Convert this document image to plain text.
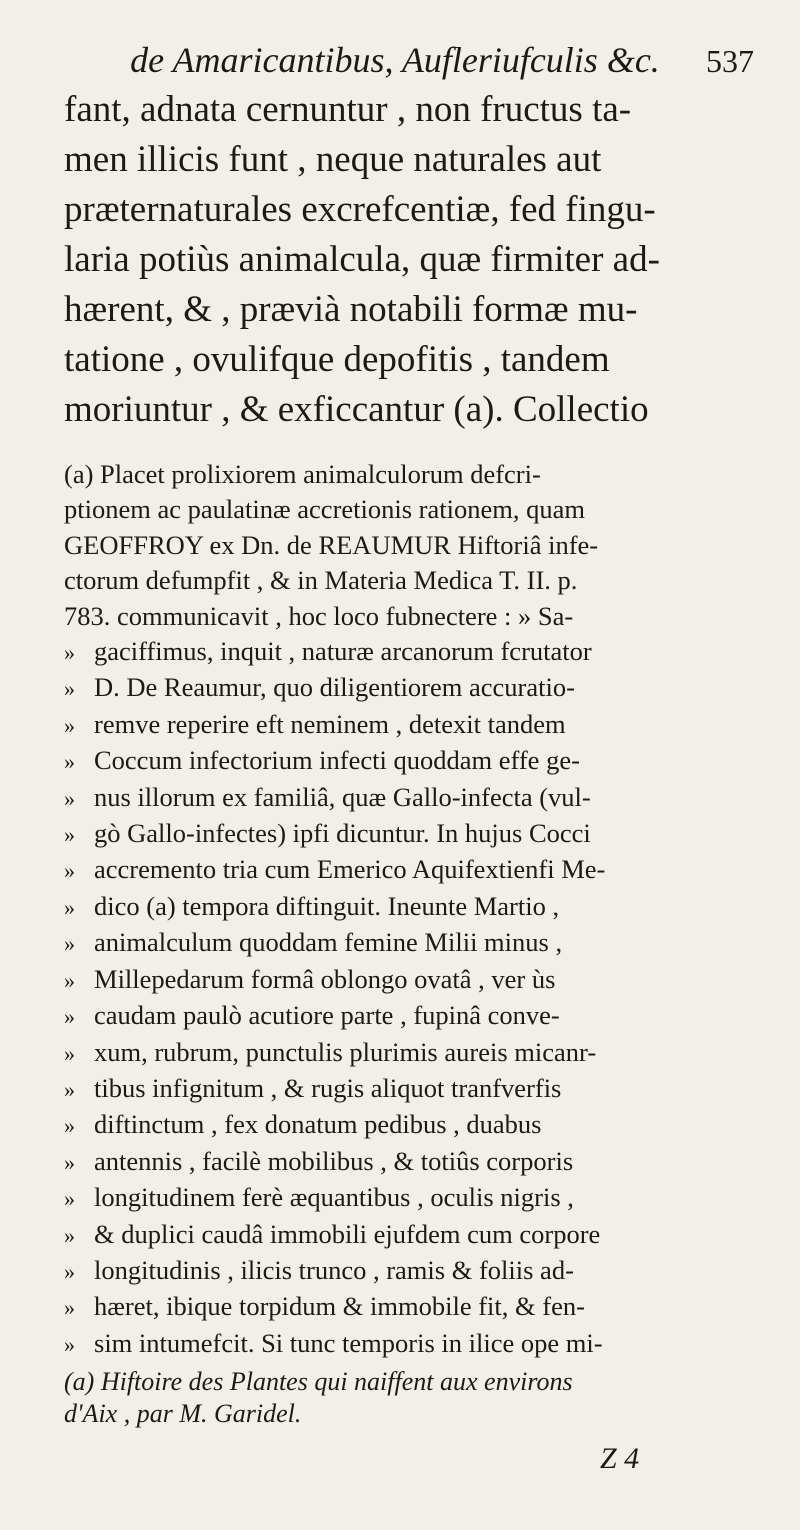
de Amaricantibus, Aufleriufculis &c.	537

fant, adnata cernuntur , non fructus ta-
men illicis funt , neque naturales aut
præternaturales excrefcentiæ, fed fingu-
laria potiùs animalcula, quæ firmiter ad-
hærent, & , prævià notabili formæ mu-
tatione , ovulifque depofitis , tandem
moriuntur , & exficcantur (a). Collectio

(a) Placet prolixiorem animalculorum defcri-
ptionem ac paulatinæ accretionis rationem, quam
GEOFFROY ex Dn. de REAUMUR Hiftoriâ infe-
ctorum defumpfit , & in Materia Medica T. II. p.
783. communicavit , hoc loco fubnectere : » Sa-
» gaciffimus, inquit , naturæ arcanorum fcrutator
» D. De Reaumur, quo diligentiorem accuratio-
» remve reperire eft neminem , detexit tandem
» Coccum infectorium infecti quoddam effe ge-
» nus illorum ex familiâ, quæ Gallo-infecta (vul-
» gò Gallo-infectes) ipfi dicuntur. In hujus Cocci
» accremento tria cum Emerico Aquifextienfi Me-
» dico (a) tempora diftinguit. Ineunte Martio ,
» animalculum quoddam femine Milii minus ,
» Millepedarum formâ oblongo ovatâ , ver ùs
» caudam paulò acutiore parte , fupinâ conve-
» xum, rubrum, punctulis plurimis aureis micanr-
» tibus infignitum , & rugis aliquot tranfverfis
» diftinctum , fex donatum pedibus , duabus
» antennis , facilè mobilibus , & totiûs corporis
» longitudinem ferè æquantibus , oculis nigris ,
» & duplici caudâ immobili ejufdem cum corpore
» longitudinis , ilicis trunco , ramis & foliis ad-
» hæret, ibique torpidum & immobile fit, & fen-
» sim intumefcit. Si tunc temporis in ilice ope mi-
(a) Hiftoire des Plantes qui naiffent aux environs
d'Aix , par M. Garidel.
Z 4
